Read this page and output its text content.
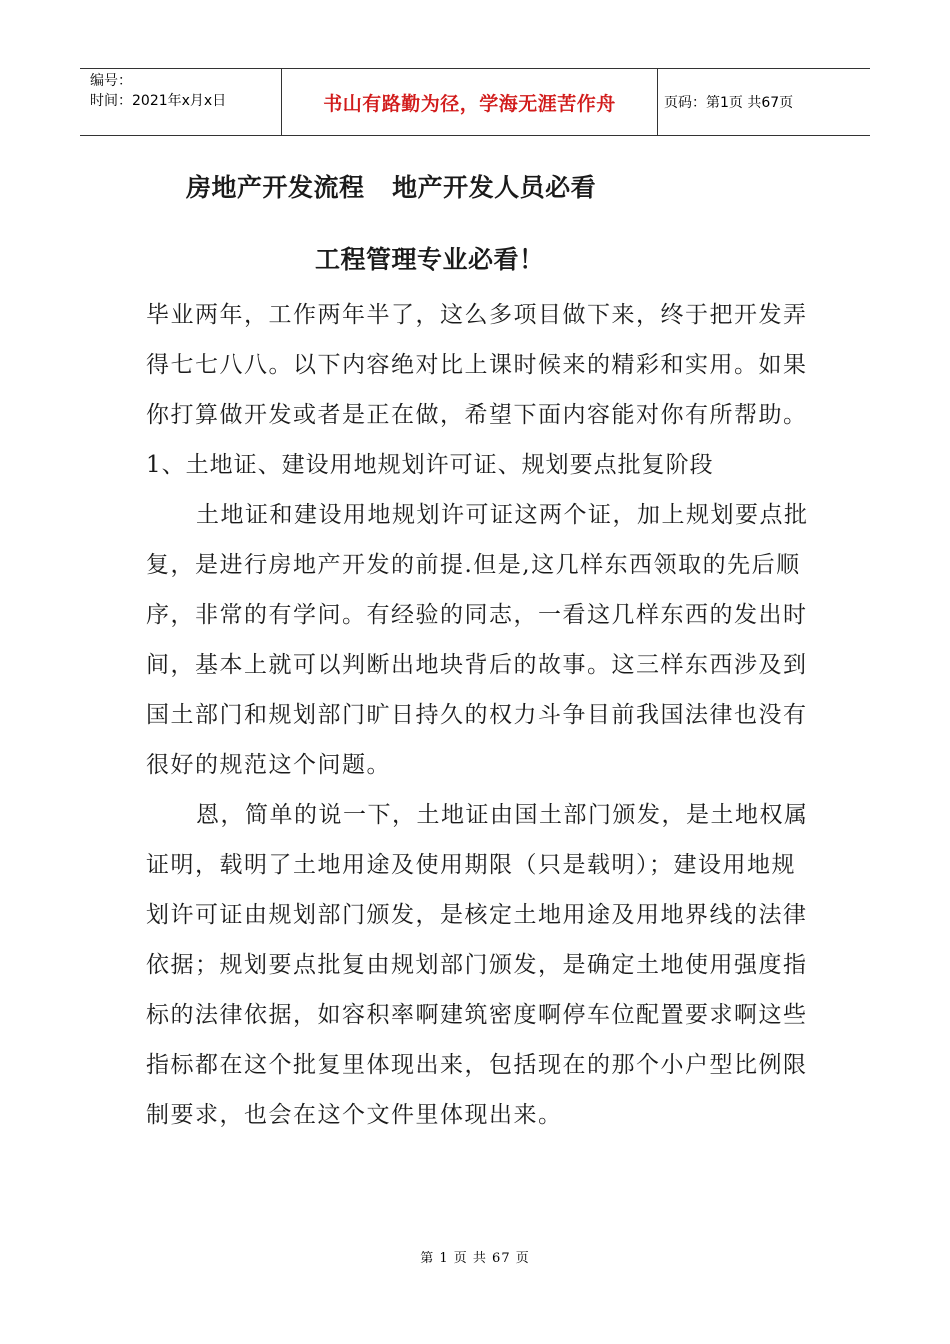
编号：
时间：2021年x月x日	书山有路勤为径，学海无涯苦作舟	页码：第1页 共67页
房地产开发流程   地产开发人员必看
工程管理专业必看！

毕业两年，工作两年半了，这么多项目做下来，终于把开发弄得七七八八。以下内容绝对比上课时候来的精彩和实用。如果你打算做开发或者是正在做，希望下面内容能对你有所帮助。

1、土地证、建设用地规划许可证、规划要点批复阶段

土地证和建设用地规划许可证这两个证，加上规划要点批复，是进行房地产开发的前提.但是,这几样东西领取的先后顺序，非常的有学问。有经验的同志，一看这几样东西的发出时间，基本上就可以判断出地块背后的故事。这三样东西涉及到国土部门和规划部门旷日持久的权力斗争目前我国法律也没有很好的规范这个问题。

恩，简单的说一下，土地证由国土部门颁发，是土地权属证明，载明了土地用途及使用期限（只是载明）；建设用地规划许可证由规划部门颁发，是核定土地用途及用地界线的法律依据；规划要点批复由规划部门颁发，是确定土地使用强度指标的法律依据，如容积率啊建筑密度啊停车位配置要求啊这些指标都在这个批复里体现出来，包括现在的那个小户型比例限制要求，也会在这个文件里体现出来。

第 1 页 共 67 页
